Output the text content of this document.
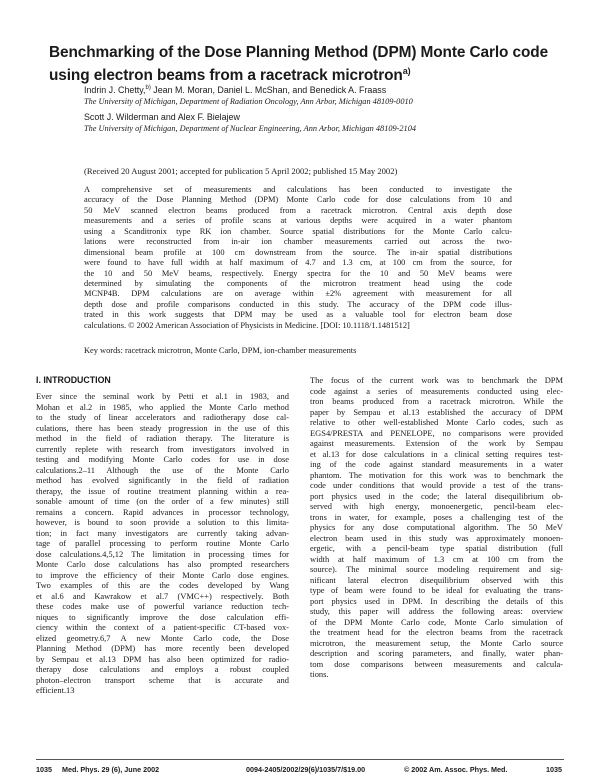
Benchmarking of the Dose Planning Method (DPM) Monte Carlo code
using electron beams from a racetrack microtron$^{a)}$
Indrin J. Chetty,$^{b)}$ Jean M. Moran, Daniel L. McShan, and Benedick A. Fraass
The University of Michigan, Department of Radiation Oncology, Ann Arbor, Michigan 48109-0010
Scott J. Wilderman and Alex F. Bielajew
The University of Michigan, Department of Nuclear Engineering, Ann Arbor, Michigan 48109-2104
(Received 20 August 2001; accepted for publication 5 April 2002; published 15 May 2002)
A comprehensive set of measurements and calculations has been conducted to investigate the
accuracy of the Dose Planning Method (DPM) Monte Carlo code for dose calculations from 10 and
50 MeV scanned electron beams produced from a racetrack microtron. Central axis depth dose
measurements and a series of profile scans at various depths were acquired in a water phantom
using a Scanditronix type RK ion chamber. Source spatial distributions for the Monte Carlo calcu-
lations were reconstructed from in-air ion chamber measurements carried out across the two-
dimensional beam profile at 100 cm downstream from the source. The in-air spatial distributions
were found to have full width at half maximum of 4.7 and 1.3 cm, at 100 cm from the source, for
the 10 and 50 MeV beams, respectively. Energy spectra for the 10 and 50 MeV beams were
determined by simulating the components of the microtron treatment head using the code
MCNP4B. DPM calculations are on average within ±2% agreement with measurement for all
depth dose and profile comparisons conducted in this study. The accuracy of the DPM code illus-
trated in this work suggests that DPM may be used as a valuable tool for electron beam dose
calculations. © 2002 American Association of Physicists in Medicine. [DOI: 10.1118/1.1481512]
Key words: racetrack microtron, Monte Carlo, DPM, ion-chamber measurements
I. INTRODUCTION
Ever since the seminal work by Petti et al.1 in 1983, and
Mohan et al.2 in 1985, who applied the Monte Carlo method
to the study of linear accelerators and radiotherapy dose cal-
culations, there has been steady progression in the use of this
method in the field of radiation therapy. The literature is
currently replete with research from investigators involved in
testing and modifying Monte Carlo codes for use in dose
calculations.2–11 Although the use of the Monte Carlo
method has evolved significantly in the field of radiation
therapy, the issue of routine treatment planning within a rea-
sonable amount of time (on the order of a few minutes) still
remains a concern. Rapid advances in processor technology,
however, is bound to soon provide a solution to this limita-
tion; in fact many investigators are currently taking advan-
tage of parallel processing to perform routine Monte Carlo
dose calculations.4,5,12 The limitation in processing times for
Monte Carlo dose calculations has also prompted researchers
to improve the efficiency of their Monte Carlo dose engines.
Two examples of this are the codes developed by Wang
et al.6 and Kawrakow et al.7 (VMC++) respectively. Both
these codes make use of powerful variance reduction tech-
niques to significantly improve the dose calculation effi-
ciency within the context of a patient-specific CT-based vox-
elized geometry.6,7 A new Monte Carlo code, the Dose
Planning Method (DPM) has more recently been developed
by Sempau et al.13 DPM has also been optimized for radio-
therapy dose calculations and employs a robust coupled
photon–electron transport scheme that is accurate and
efficient.13
The focus of the current work was to benchmark the DPM
code against a series of measurements conducted using elec-
tron beams produced from a racetrack microtron. While the
paper by Sempau et al.13 established the accuracy of DPM
relative to other well-established Monte Carlo codes, such as
EGS4/PRESTA and PENELOPE, no comparisons were provided
against measurements. Extension of the work by Sempau
et al.13 for dose calculations in a clinical setting requires test-
ing of the code against standard measurements in a water
phantom. The motivation for this work was to benchmark the
code under conditions that would provide a test of the trans-
port physics used in the code; the lateral disequilibrium ob-
served with high energy, monoenergetic, pencil-beam elec-
trons in water, for example, poses a challenging test of the
physics for any dose computational algorithm. The 50 MeV
electron beam used in this study was approximately monoen-
ergetic, with a pencil-beam type spatial distribution (full
width at half maximum of 1.3 cm at 100 cm from the
source). The minimal source modeling requirement and sig-
nificant lateral electron disequilibrium observed with this
type of beam were found to be ideal for evaluating the trans-
port physics used in DPM. In describing the details of this
study, this paper will address the following areas: overview
of the DPM Monte Carlo code, Monte Carlo simulation of
the treatment head for the electron beams from the racetrack
microtron, the measurement setup, the Monte Carlo source
description and scoring parameters, and finally, water phan-
tom dose comparisons between measurements and calcula-
tions.
1035 Med. Phys. 29 (6), June 2002	0094-2405/2002/29(6)/1035/7/$19.00	© 2002 Am. Assoc. Phys. Med.	1035
